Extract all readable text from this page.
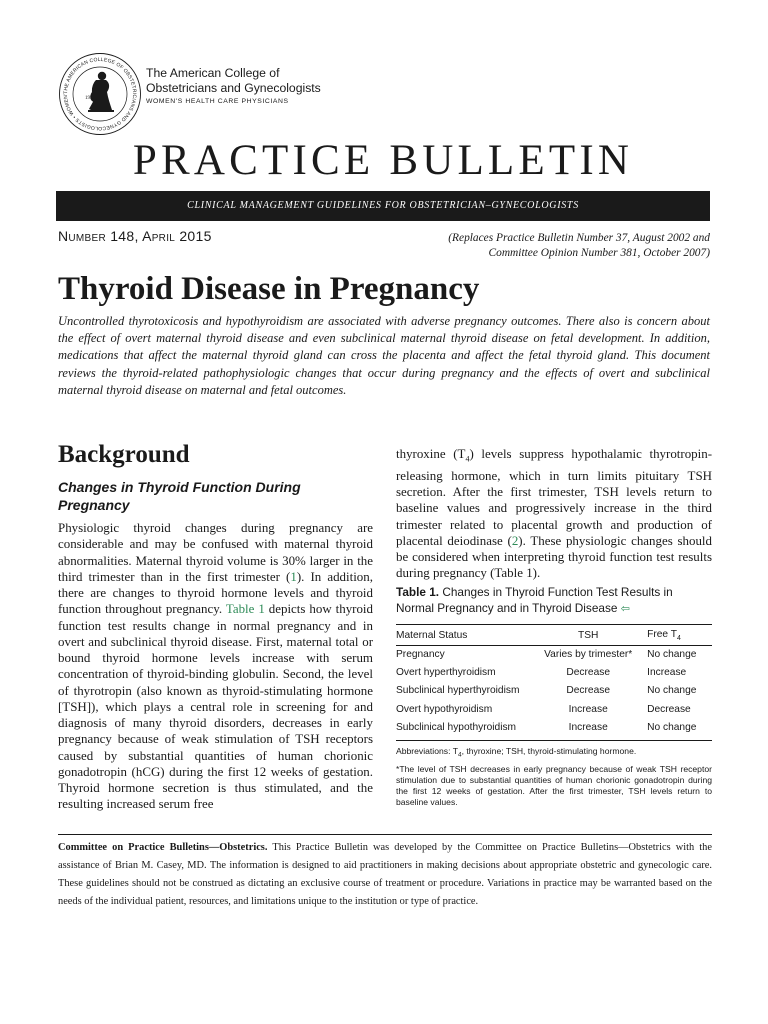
THE AMERICAN COLLEGE OF OBSTETRICIANS AND GYNECOLOGISTS • WOMEN'
1951
The American College of
Obstetricians and Gynecologists
WOMEN'S HEALTH CARE PHYSICIANS
PRACTICE BULLETIN
CLINICAL MANAGEMENT GUIDELINES FOR OBSTETRICIAN–GYNECOLOGISTS
Number 148, April 2015	(Replaces Practice Bulletin Number 37, August 2002 and
Committee Opinion Number 381, October 2007)
Thyroid Disease in Pregnancy

Uncontrolled thyrotoxicosis and hypothyroidism are associated with adverse pregnancy outcomes. There also is concern about the effect of overt maternal thyroid disease and even subclinical maternal thyroid disease on fetal development. In addition, medications that affect the maternal thyroid gland can cross the placenta and affect the fetal thyroid gland. This document reviews the thyroid-related pathophysiologic changes that occur during pregnancy and the effects of overt and subclinical maternal thyroid disease on maternal and fetal outcomes.

Background
Changes in Thyroid Function During Pregnancy

Physiologic thyroid changes during pregnancy are considerable and may be confused with maternal thyroid abnormalities. Maternal thyroid volume is 30% larger in the third trimester than in the first trimester (1). In addition, there are changes to thyroid hormone levels and thyroid function throughout pregnancy. Table 1 depicts how thyroid function test results change in normal pregnancy and in overt and subclinical thyroid disease. First, maternal total or bound thyroid hormone levels increase with serum concentration of thyroid-binding globulin. Second, the level of thyrotropin (also known as thyroid-stimulating hormone [TSH]), which plays a central role in screening for and diagnosis of many thyroid disorders, decreases in early pregnancy because of weak stimulation of TSH receptors caused by substantial quantities of human chorionic gonadotropin (hCG) during the first 12 weeks of gestation. Thyroid hormone secretion is thus stimulated, and the resulting increased serum free

thyroxine $(T_4)$ levels suppress hypothalamic thyrotropin-releasing hormone, which in turn limits pituitary TSH secretion. After the first trimester, TSH levels return to baseline values and progressively increase in the third trimester related to placental growth and production of placental deiodinase (2). These physiologic changes should be considered when interpreting thyroid function test results during pregnancy (Table 1).

Table 1. Changes in Thyroid Function Test Results in Normal Pregnancy and in Thyroid Disease ⇦
Maternal Status	TSH	Free $T_4$
Pregnancy	Varies by trimester*	No change
Overt hyperthyroidism	Decrease	Increase
Subclinical hyperthyroidism	Decrease	No change
Overt hypothyroidism	Increase	Decrease
Subclinical hypothyroidism	Increase	No change

Abbreviations: $T_4$, thyroxine; TSH, thyroid-stimulating hormone.

*The level of TSH decreases in early pregnancy because of weak TSH receptor stimulation due to substantial quantities of human chorionic gonadotropin during the first 12 weeks of gestation. After the first trimester, TSH levels return to baseline values.

Committee on Practice Bulletins—Obstetrics. This Practice Bulletin was developed by the Committee on Practice Bulletins—Obstetrics with the assistance of Brian M. Casey, MD. The information is designed to aid practitioners in making decisions about appropriate obstetric and gynecologic care. These guidelines should not be construed as dictating an exclusive course of treatment or procedure. Variations in practice may be warranted based on the needs of the individual patient, resources, and limitations unique to the institution or type of practice.
